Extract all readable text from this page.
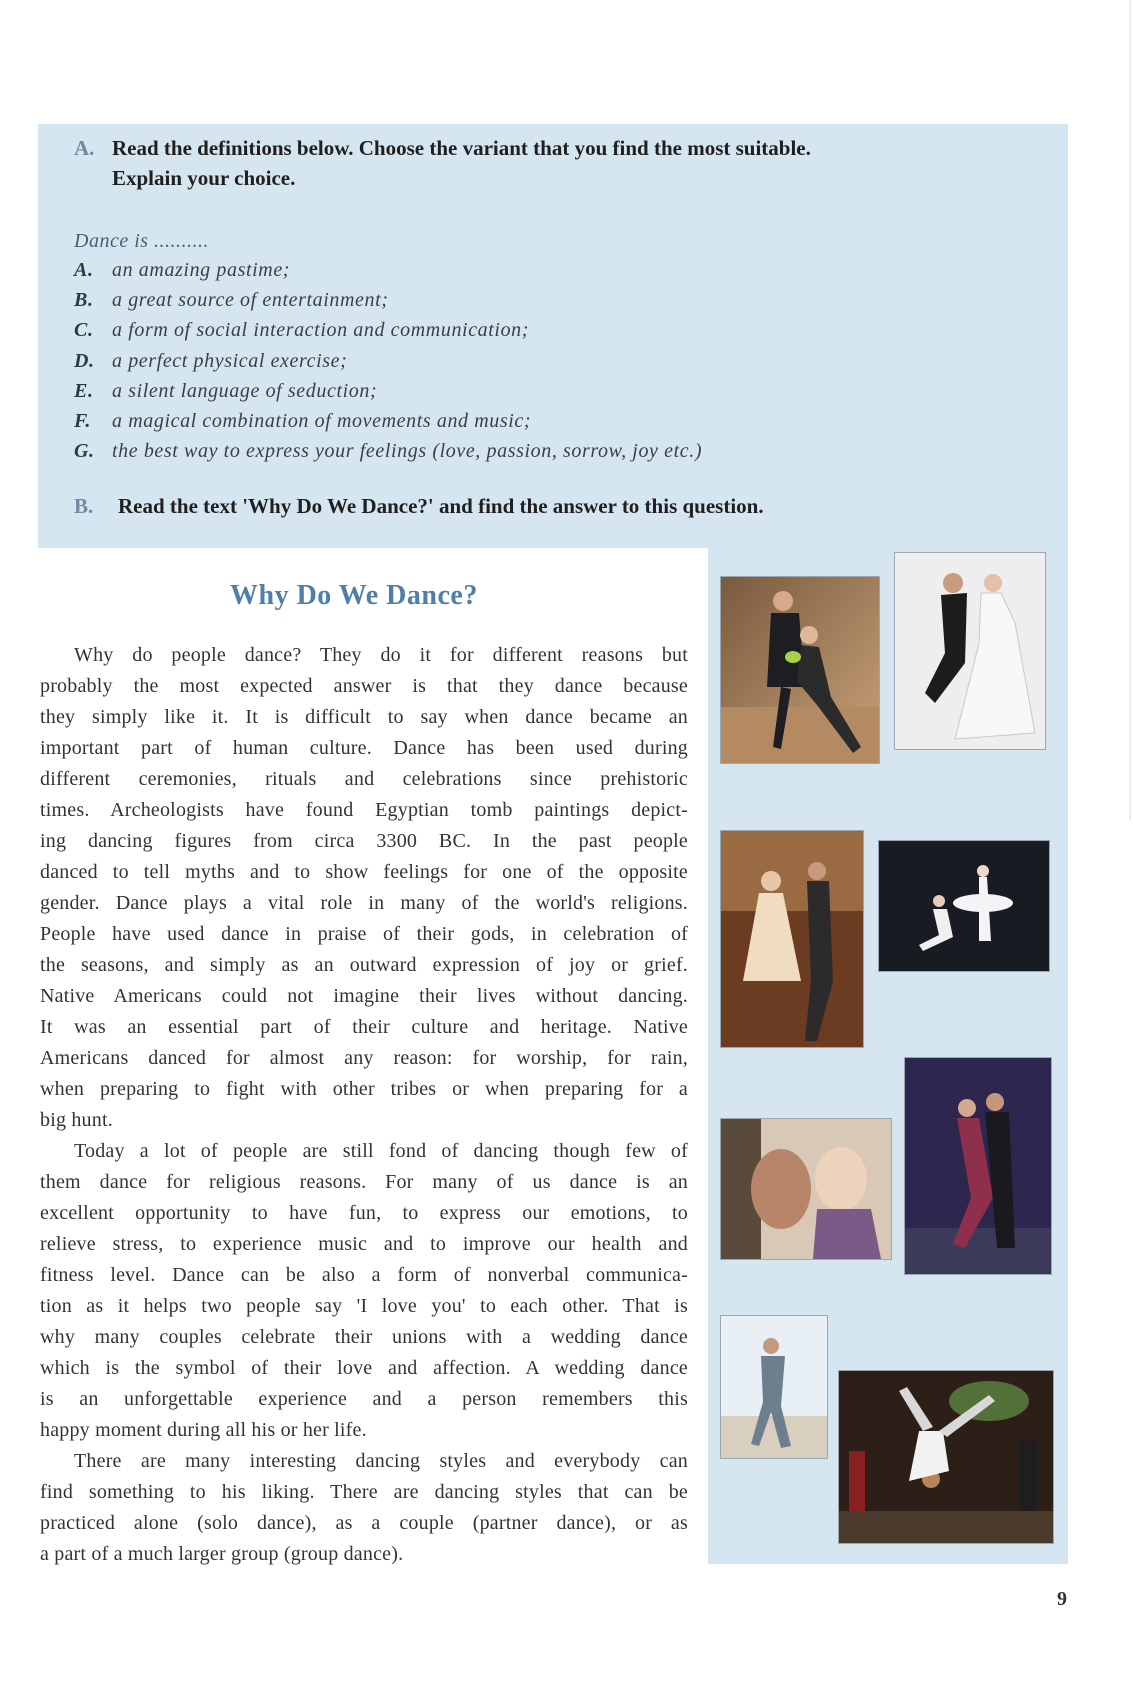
A. Read the definitions below. Choose the variant that you find the most suitable.
Explain your choice.
Dance is ..........
A. an amazing pastime;
B. a great source of entertainment;
C. a form of social interaction and communication;
D. a perfect physical exercise;
E. a silent language of seduction;
F. a magical combination of movements and music;
G. the best way to express your feelings (love, passion, sorrow, joy etc.)
B. Read the text 'Why Do We Dance?' and find the answer to this question.
Why Do We Dance?
Why do people dance? They do it for different reasons but
probably the most expected answer is that they dance because
they simply like it. It is difficult to say when dance became an
important part of human culture. Dance has been used during
different ceremonies, rituals and celebrations since prehistoric
times. Archeologists have found Egyptian tomb paintings depict-
ing dancing figures from circa 3300 BC. In the past people
danced to tell myths and to show feelings for one of the opposite
gender. Dance plays a vital role in many of the world's religions.
People have used dance in praise of their gods, in celebration of
the seasons, and simply as an outward expression of joy or grief.
Native Americans could not imagine their lives without dancing.
It was an essential part of their culture and heritage. Native
Americans danced for almost any reason: for worship, for rain,
when preparing to fight with other tribes or when preparing for a
big hunt.
Today a lot of people are still fond of dancing though few of
them dance for religious reasons. For many of us dance is an
excellent opportunity to have fun, to express our emotions, to
relieve stress, to experience music and to improve our health and
fitness level. Dance can be also a form of nonverbal communica-
tion as it helps two people say 'I love you' to each other. That is
why many couples celebrate their unions with a wedding dance
which is the symbol of their love and affection. A wedding dance
is an unforgettable experience and a person remembers this
happy moment during all his or her life.
There are many interesting dancing styles and everybody can
find something to his liking. There are dancing styles that can be
practiced alone (solo dance), as a couple (partner dance), or as
a part of a much larger group (group dance).
9
